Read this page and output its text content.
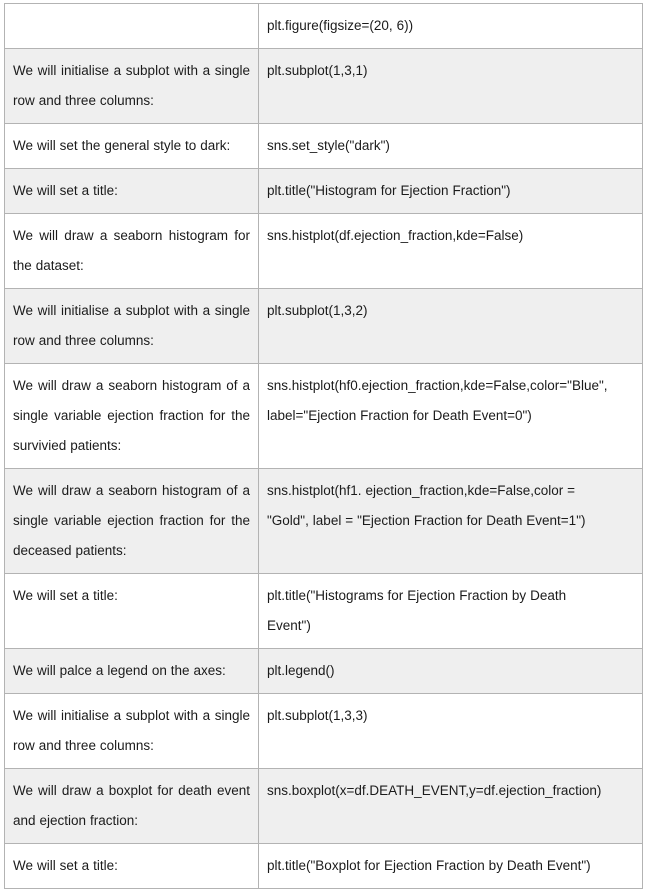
	plt.figure(figsize=(20, 6))
We will initialise a subplot with a single row and three columns:	plt.subplot(1,3,1)
We will set the general style to dark:	sns.set_style("dark")
We will set a title:	plt.title("Histogram for Ejection Fraction")
We will draw a seaborn histogram for the dataset:	sns.histplot(df.ejection_fraction,kde=False)
We will initialise a subplot with a single row and three columns:	plt.subplot(1,3,2)
We will draw a seaborn histogram of a single variable ejection fraction for the survivied patients:	sns.histplot(hf0.ejection_fraction,kde=False,color="Blue", label="Ejection Fraction for Death Event=0")
We will draw a seaborn histogram of a single variable ejection fraction for the deceased patients:	sns.histplot(hf1. ejection_fraction,kde=False,color = "Gold", label = "Ejection Fraction for Death Event=1")
We will set a title:	plt.title("Histograms for Ejection Fraction by Death Event")
We will palce a legend on the axes:	plt.legend()
We will initialise a subplot with a single row and three columns:	plt.subplot(1,3,3)
We will draw a boxplot for death event and ejection fraction:	sns.boxplot(x=df.DEATH_EVENT,y=df.ejection_fraction)
We will set a title:	plt.title("Boxplot for Ejection Fraction by Death Event")
